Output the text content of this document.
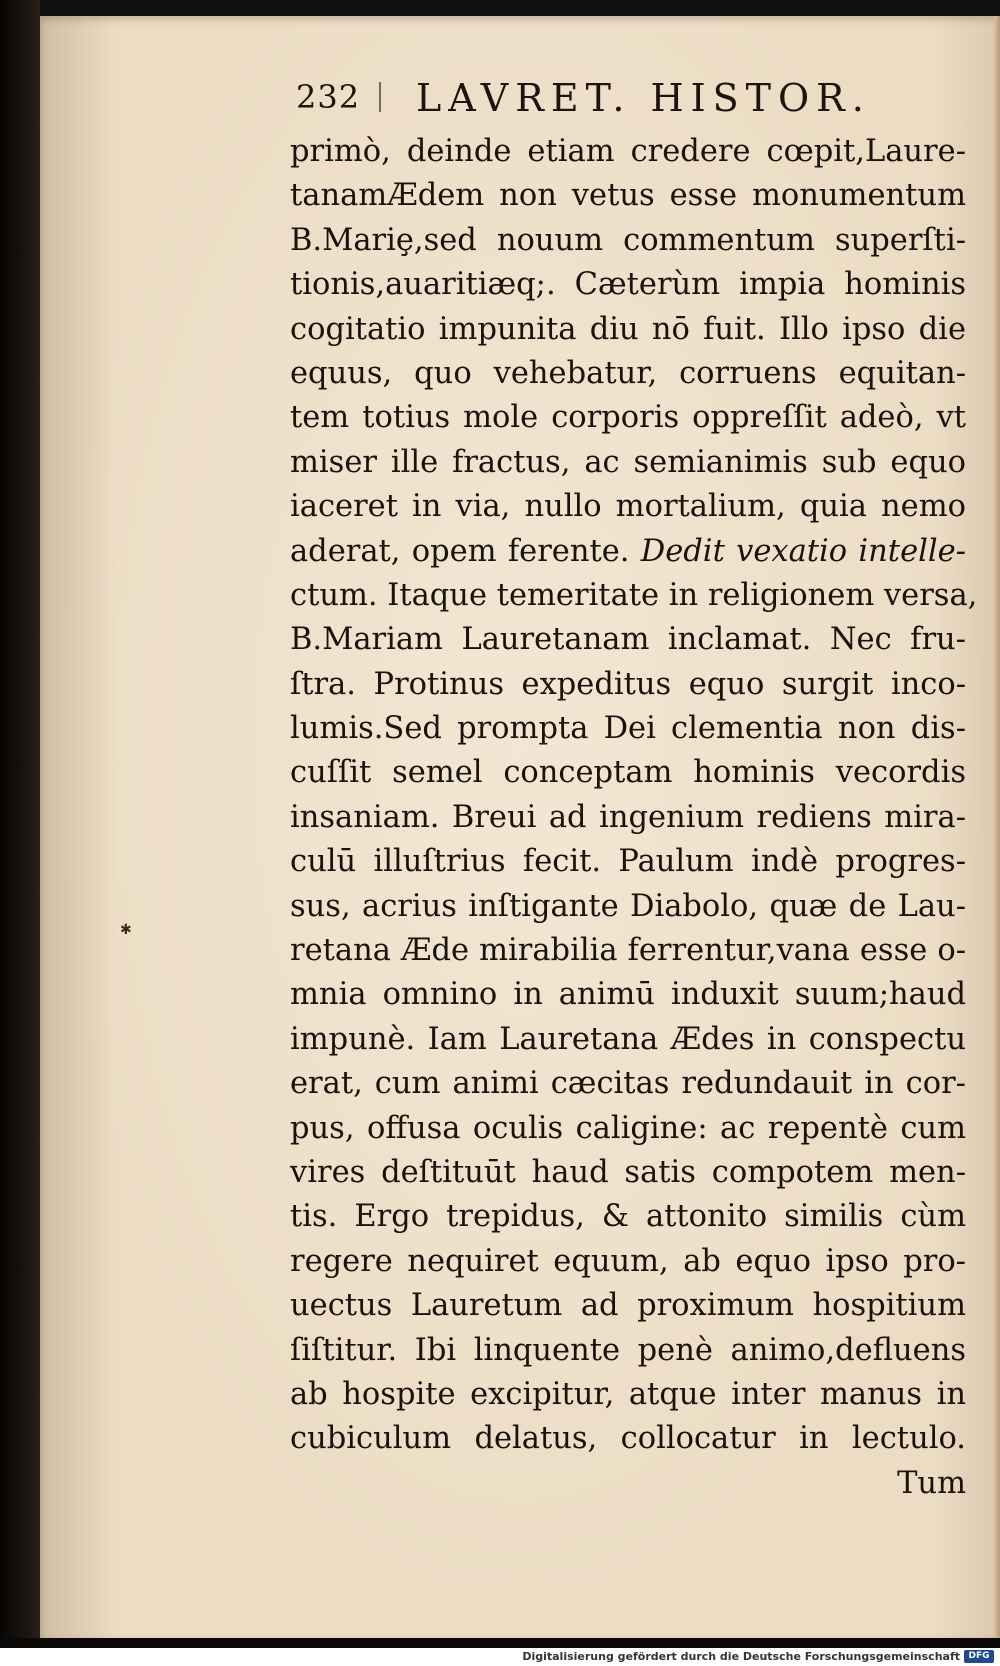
232 LAVRET. HISTOR.
primò, deinde etiam credere cœpit,Laure-
tanamÆdem non vetus esse monumentum
B.Mariȩ,sed nouum commentum superſti-
tionis,auaritiæq;. Cæterùm impia hominis
cogitatio impunita diu nō fuit. Illo ipso die
equus, quo vehebatur, corruens equitan-
tem totius mole corporis oppreſſit adeò, vt
miser ille fractus, ac semianimis sub equo
iaceret in via, nullo mortalium, quia nemo
aderat, opem ferente. Dedit vexatio intelle-
ctum. Itaque temeritate in religionem versa,
B.Mariam Lauretanam inclamat. Nec fru-
ſtra. Protinus expeditus equo surgit inco-
lumis.Sed prompta Dei clementia non dis-
cuſſit semel conceptam hominis vecordis
insaniam. Breui ad ingenium rediens mira-
culū illuſtrius fecit. Paulum indè progres-
sus, acrius inſtigante Diabolo, quæ de Lau-
retana Æde mirabilia ferrentur,vana esse o-
mnia omnino in animū induxit suum;haud
impunè. Iam Lauretana Ædes in conspectu
erat, cum animi cæcitas redundauit in cor-
pus, offusa oculis caligine: ac repentè cum
vires deſtituūt haud satis compotem men-
tis. Ergo trepidus, & attonito similis cùm
regere nequiret equum, ab equo ipso pro-
uectus Lauretum ad proximum hospitium
ſiſtitur. Ibi linquente penè animo,defluens
ab hospite excipitur, atque inter manus in
cubiculum delatus, collocatur in lectulo.
Tum
✱
Digitalisierung gefördert durch die Deutsche Forschungsgemeinschaft DFG
